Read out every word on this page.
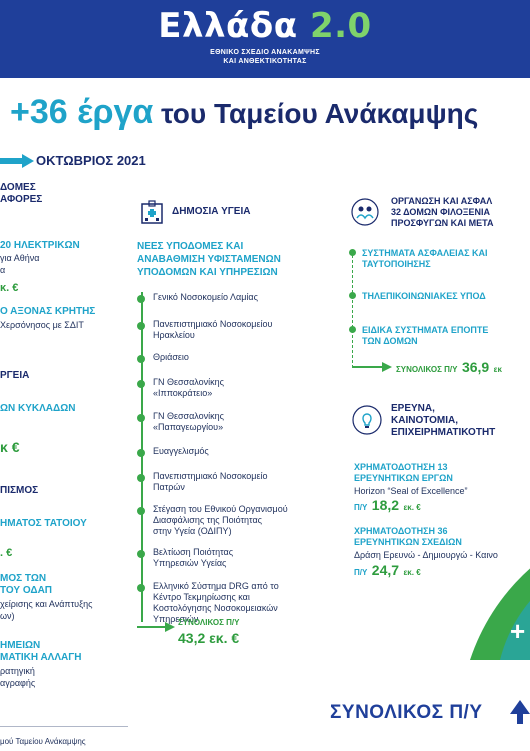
Ελλάδα 2.0
ΕΘΝΙΚΟ ΣΧΕΔΙΟ ΑΝΑΚΑΜΨΗΣ
ΚΑΙ ΑΝΘΕΚΤΙΚΟΤΗΤΑΣ
+36 έργα του Ταμείου Ανάκαμψης
ΟΚΤΩΒΡΙΟΣ 2021
ΔΟΜΕΣ
ΑΦΟΡΕΣ
20 ΗΛΕΚΤΡΙΚΩΝ
για Αθήνα
α
κ. €
Ο ΑΞΟΝΑΣ ΚΡΗΤΗΣ
Χερσόνησος με ΣΔΙΤ
ΡΓΕΙΑ
ΩΝ ΚΥΚΛΑΔΩΝ
κ €
ΠΙΣΜΟΣ
ΗΜΑΤΟΣ ΤΑΤΟΙΟΥ
. €
ΜΟΣ ΤΩΝ
ΤΟΥ ΟΔΑΠ
χείρισης και Ανάπτυξης
ων)
ΗΜΕΙΩΝ
ΜΑΤΙΚΗ ΑΛΛΑΓΗ
ρατηγική
αγραφής
ΔΗΜΟΣΙΑ ΥΓΕΙΑ
ΝΕΕΣ ΥΠΟΔΟΜΕΣ ΚΑΙ
ΑΝΑΒΑΘΜΙΣΗ ΥΦΙΣΤΑΜΕΝΩΝ
ΥΠΟΔΟΜΩΝ ΚΑΙ ΥΠΗΡΕΣΙΩΝ
Γενικό Νοσοκομείο Λαμίας
Πανεπιστημιακό Νοσοκομείου
Ηρακλείου
Θριάσειο
ΓΝ Θεσσαλονίκης
«Ιπποκράτειο»
ΓΝ Θεσσαλονίκης
«Παπαγεωργίου»
Ευαγγελισμός
Πανεπιστημιακό Νοσοκομείο
Πατρών
Στέγαση του Εθνικού Οργανισμού
Διασφάλισης της Ποιότητας
στην Υγεία (ΟΔΙΠΥ)
Βελτίωση Ποιότητας
Υπηρεσιών Υγείας
Ελληνικό Σύστημα DRG από το
Κέντρο Τεκμηρίωσης και
Κοστολόγησης Νοσοκομειακών
Υπηρεσιών
ΣΥΝΟΛΙΚΟΣ Π/Υ
43,2 εκ. €
ΟΡΓΑΝΩΣΗ ΚΑΙ ΑΣΦΑΛ
32 ΔΟΜΩΝ ΦΙΛΟΞΕΝΙΑ
ΠΡΟΣΦΥΓΩΝ ΚΑΙ ΜΕΤΑ
ΣΥΣΤΗΜΑΤΑ ΑΣΦΑΛΕΙΑΣ ΚΑΙ
ΤΑΥΤΟΠΟΙΗΣΗΣ
ΤΗΛΕΠΙΚΟΙΝΩΝΙΑΚΕΣ ΥΠΟΔ
ΕΙΔΙΚΑ ΣΥΣΤΗΜΑΤΑ ΕΠΟΠΤΕ
ΤΩΝ ΔΟΜΩΝ
ΣΥΝΟΛΙΚΟΣ Π/Υ 36,9 εκ
ΕΡΕΥΝΑ,
ΚΑΙΝΟΤΟΜΙΑ,
ΕΠΙΧΕΙΡΗΜΑΤΙΚΟΤΗΤ
ΧΡΗΜΑΤΟΔΟΤΗΣΗ 13
ΕΡΕΥΝΗΤΙΚΩΝ ΕΡΓΩΝ
Horizon “Seal of Excellence”
Π/Υ 18,2 εκ. €
ΧΡΗΜΑΤΟΔΟΤΗΣΗ 36
ΕΡΕΥΝΗΤΙΚΩΝ ΣΧΕΔΙΩΝ
Δράση Ερευνώ - Δημιουργώ - Καινο
Π/Υ 24,7 εκ. €
+
ΣΥΝΟΛΙΚΟΣ Π/Υ
μού Ταμείου Ανάκαμψης
